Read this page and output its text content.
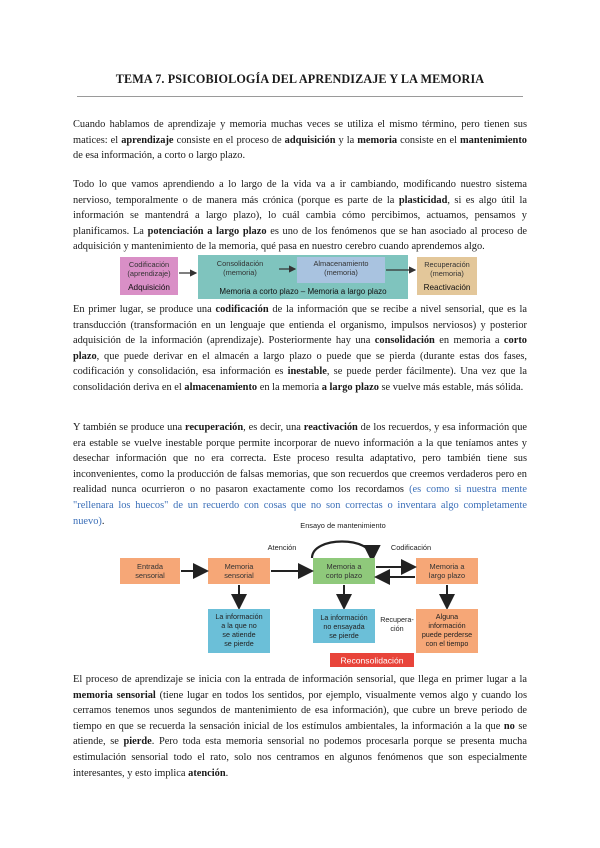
TEMA 7. PSICOBIOLOGÍA DEL APRENDIZAJE Y LA MEMORIA

Cuando hablamos de aprendizaje y memoria muchas veces se utiliza el mismo término, pero tienen sus matices: el aprendizaje consiste en el proceso de adquisición y la memoria consiste en el mantenimiento de esa información, a corto o largo plazo.

Todo lo que vamos aprendiendo a lo largo de la vida va a ir cambiando, modificando nuestro sistema nervioso, temporalmente o de manera más crónica (porque es parte de la plasticidad, si es algo útil la información se mantendrá a largo plazo), lo cuál cambia cómo percibimos, actuamos, pensamos y planificamos. La potenciación a largo plazo es uno de los fenómenos que se han asociado al proceso de adquisición y mantenimiento de la memoria, qué pasa en nuestro cerebro cuando aprendemos algo.

Codificación
(aprendizaje)
Adquisición
Consolidación
(memoria)
Almacenamiento
(memoria)
Memoria a corto plazo – Memoria a largo plazo
Recuperación
(memoria)
Reactivación

En primer lugar, se produce una codificación de la información que se recibe a nivel sensorial, que es la transducción (transformación en un lenguaje que entienda el organismo, impulsos nerviosos) y posterior adquisición de la información (aprendizaje). Posteriormente hay una consolidación en memoria a corto plazo, que puede derivar en el almacén a largo plazo o puede que se pierda (durante estas dos fases, codificación y consolidación, esa información es inestable, se puede perder fácilmente). Una vez que la consolidación deriva en el almacenamiento en la memoria a largo plazo se vuelve más estable, más sólida.

Y también se produce una recuperación, es decir, una reactivación de los recuerdos, y esa información que era estable se vuelve inestable porque permite incorporar de nuevo información a la que teníamos antes y desechar información que no era correcta. Este proceso resulta adaptativo, pero también tiene sus inconvenientes, como la producción de falsas memorias, que son recuerdos que creemos verdaderos pero en realidad nunca ocurrieron o no pasaron exactamente como los recordamos (es como si nuestra mente "rellenara los huecos" de un recuerdo con cosas que no son correctas o inventara algo completamente nuevo).	Ensayo de mantenimiento
Atención	Codificación
Entrada
sensorial
Memoria
sensorial
Memoria a
corto plazo
Memoria a
largo plazo
La información
a la que no
se atiende
se pierde
La información
no ensayada
se pierde
Recupera-
ción
Alguna
información
puede perderse
con el tiempo
Reconsolidación

El proceso de aprendizaje se inicia con la entrada de información sensorial, que llega en primer lugar a la memoria sensorial (tiene lugar en todos los sentidos, por ejemplo, visualmente vemos algo y cuando los cerramos tenemos unos segundos de mantenimiento de esa información), que cubre un breve periodo de tiempo en que se recuerda la sensación inicial de los estímulos ambientales, la información a la que no se atiende, se pierde. Pero toda esta memoria sensorial no podemos procesarla porque se presenta mucha estimulación sensorial todo el rato, solo nos centramos en algunos fenómenos que son especialmente interesantes, y esto implica atención.
